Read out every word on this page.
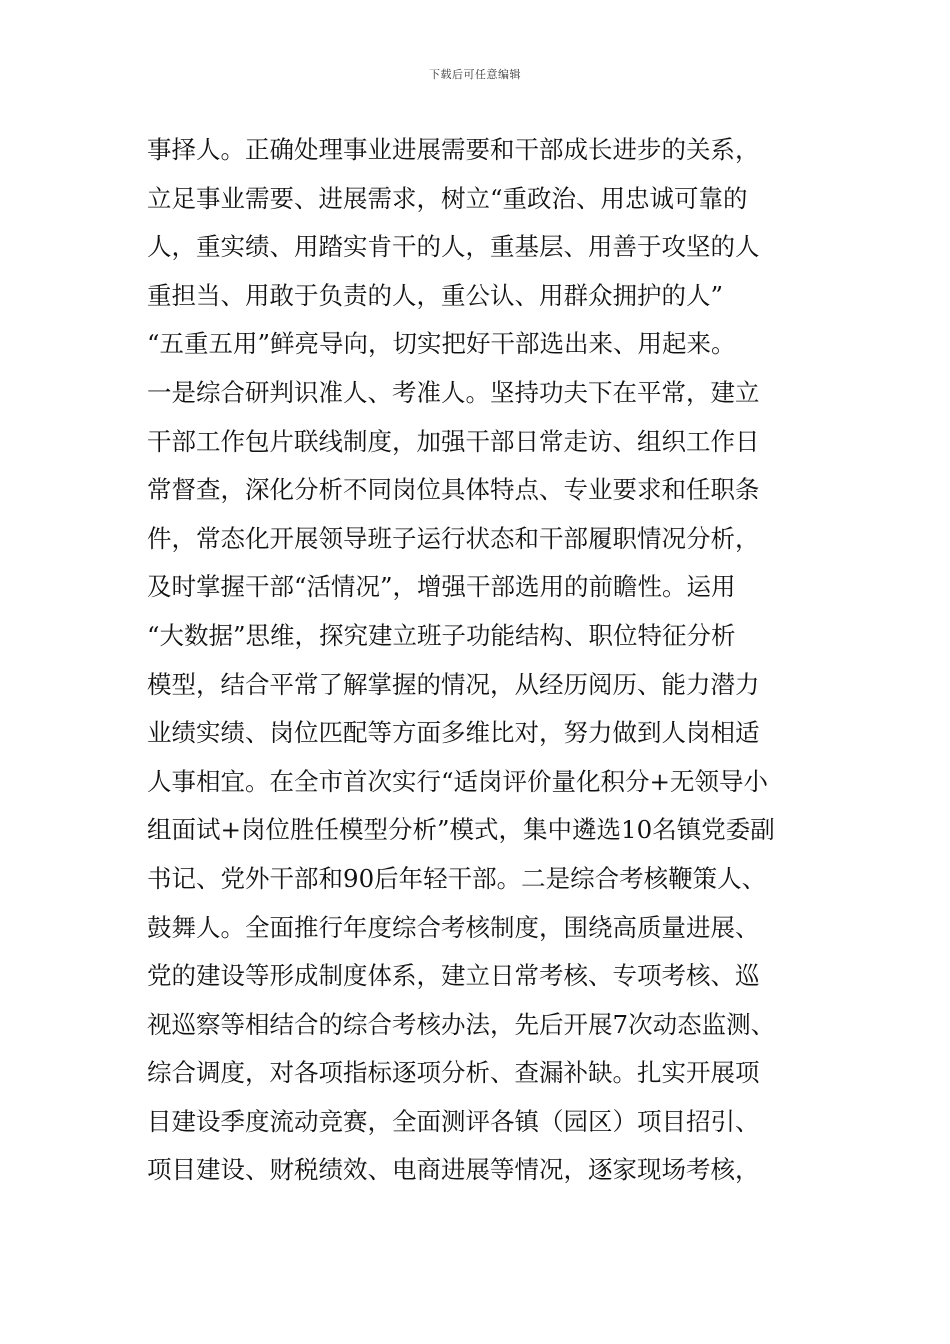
下载后可任意编辑
事择人。正确处理事业进展需要和干部成长进步的关系，
立足事业需要、进展需求，树立“重政治、用忠诚可靠的
人，重实绩、用踏实肯干的人，重基层、用善于攻坚的人
重担当、用敢于负责的人，重公认、用群众拥护的人”
“五重五用”鲜亮导向，切实把好干部选出来、用起来。
一是综合研判识准人、考准人。坚持功夫下在平常，建立
干部工作包片联线制度，加强干部日常走访、组织工作日
常督查，深化分析不同岗位具体特点、专业要求和任职条
件，常态化开展领导班子运行状态和干部履职情况分析，
及时掌握干部“活情况”，增强干部选用的前瞻性。运用
“大数据”思维，探究建立班子功能结构、职位特征分析
模型，结合平常了解掌握的情况，从经历阅历、能力潜力
业绩实绩、岗位匹配等方面多维比对，努力做到人岗相适
人事相宜。在全市首次实行“适岗评价量化积分+无领导小
组面试+岗位胜任模型分析”模式，集中遴选10名镇党委副
书记、党外干部和90后年轻干部。二是综合考核鞭策人、
鼓舞人。全面推行年度综合考核制度，围绕高质量进展、
党的建设等形成制度体系，建立日常考核、专项考核、巡
视巡察等相结合的综合考核办法，先后开展7次动态监测、
综合调度，对各项指标逐项分析、查漏补缺。扎实开展项
目建设季度流动竞赛，全面测评各镇（园区）项目招引、
项目建设、财税绩效、电商进展等情况，逐家现场考核，
